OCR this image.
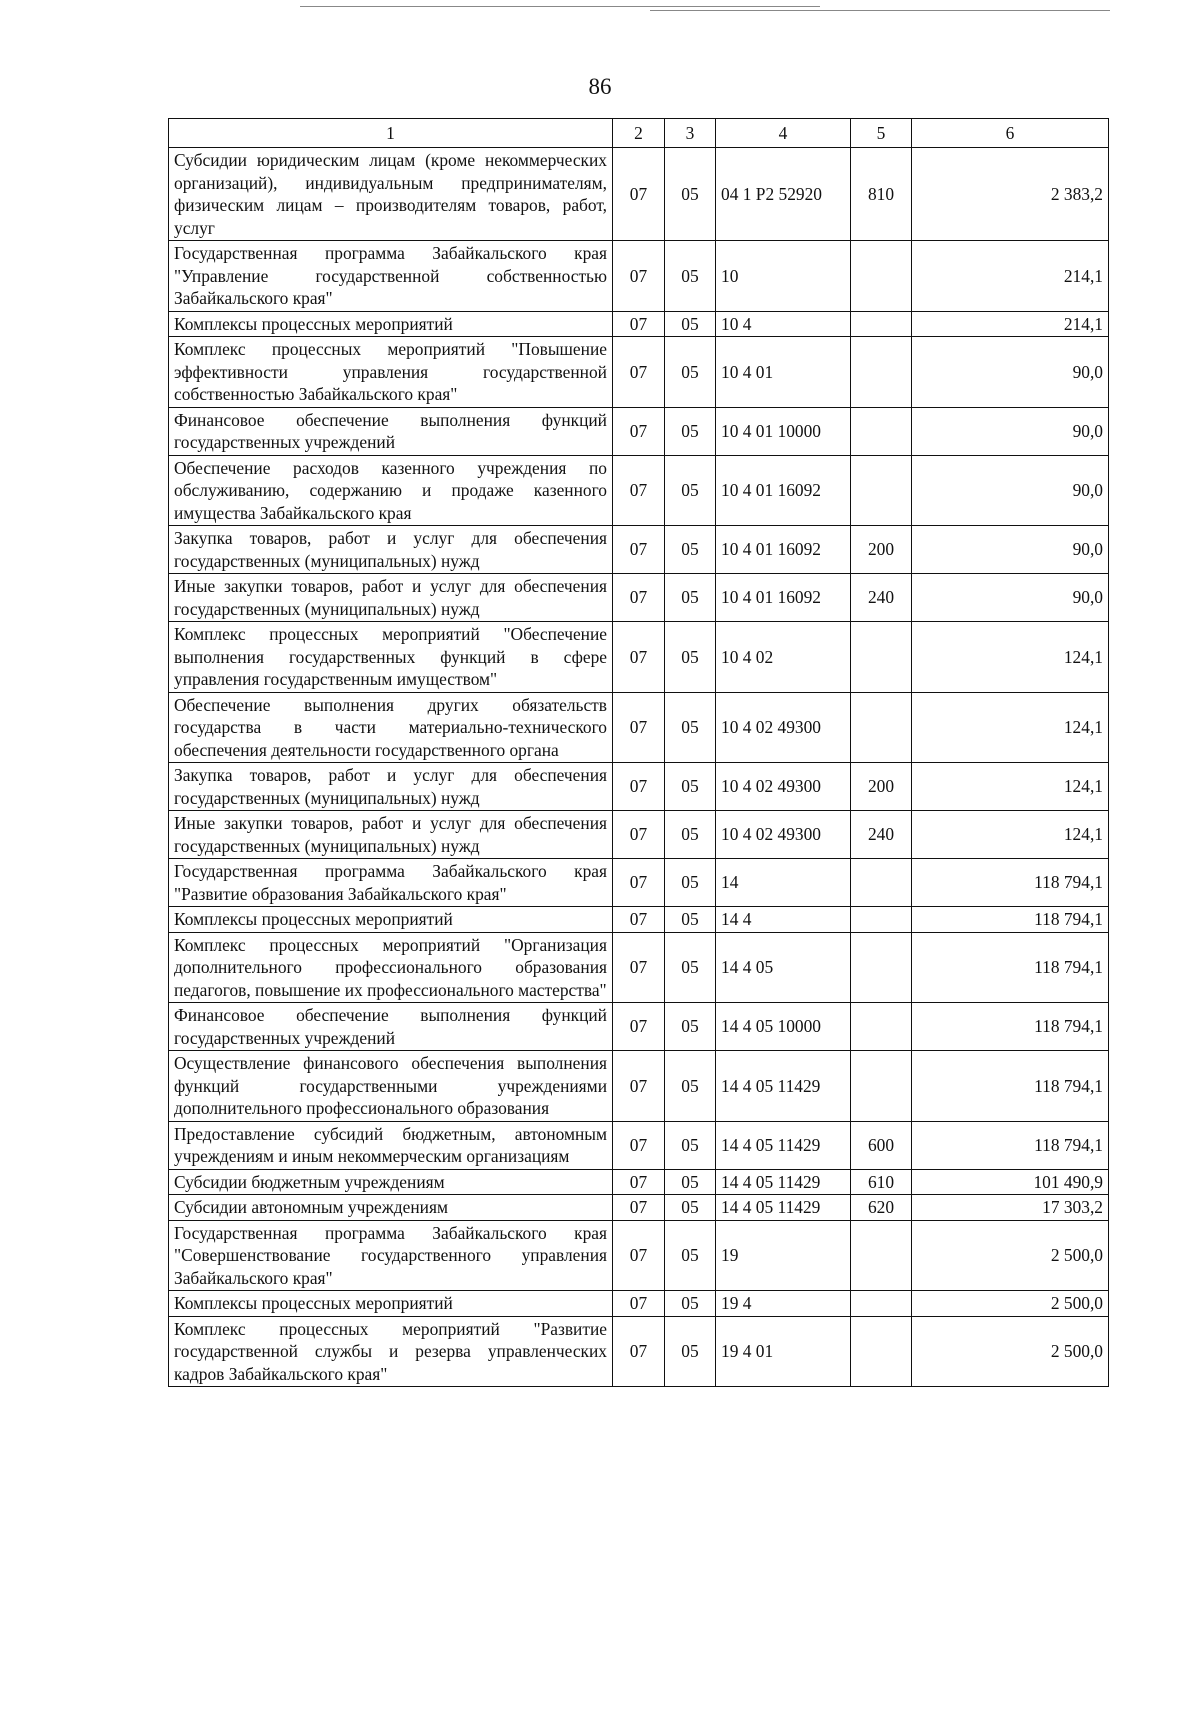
86
1	2	3	4	5	6
Субсидии юридическим лицам (кроме некоммерческих организаций), индивидуальным предпринимателям, физическим лицам – производителям товаров, работ, услуг	07	05	04 1 Р2 52920	810	2 383,2
Государственная программа Забайкальского края "Управление государственной собственностью Забайкальского края"	07	05	10		214,1
Комплексы процессных мероприятий	07	05	10 4		214,1
Комплекс процессных мероприятий "Повышение эффективности управления государственной собственностью Забайкальского края"	07	05	10 4 01		90,0
Финансовое обеспечение выполнения функций государственных учреждений	07	05	10 4 01 10000		90,0
Обеспечение расходов казенного учреждения по обслуживанию, содержанию и продаже казенного имущества Забайкальского края	07	05	10 4 01 16092		90,0
Закупка товаров, работ и услуг для обеспечения государственных (муниципальных) нужд	07	05	10 4 01 16092	200	90,0
Иные закупки товаров, работ и услуг для обеспечения государственных (муниципальных) нужд	07	05	10 4 01 16092	240	90,0
Комплекс процессных мероприятий "Обеспечение выполнения государственных функций в сфере управления государственным имуществом"	07	05	10 4 02		124,1
Обеспечение выполнения других обязательств государства в части материально-технического обеспечения деятельности государственного органа	07	05	10 4 02 49300		124,1
Закупка товаров, работ и услуг для обеспечения государственных (муниципальных) нужд	07	05	10 4 02 49300	200	124,1
Иные закупки товаров, работ и услуг для обеспечения государственных (муниципальных) нужд	07	05	10 4 02 49300	240	124,1
Государственная программа Забайкальского края "Развитие образования Забайкальского края"	07	05	14		118 794,1
Комплексы процессных мероприятий	07	05	14 4		118 794,1
Комплекс процессных мероприятий "Организация дополнительного профессионального образования педагогов, повышение их профессионального мастерства"	07	05	14 4 05		118 794,1
Финансовое обеспечение выполнения функций государственных учреждений	07	05	14 4 05 10000		118 794,1
Осуществление финансового обеспечения выполнения функций государственными учреждениями дополнительного профессионального образования	07	05	14 4 05 11429		118 794,1
Предоставление субсидий бюджетным, автономным учреждениям и иным некоммерческим организациям	07	05	14 4 05 11429	600	118 794,1
Субсидии бюджетным учреждениям	07	05	14 4 05 11429	610	101 490,9
Субсидии автономным учреждениям	07	05	14 4 05 11429	620	17 303,2
Государственная программа Забайкальского края "Совершенствование государственного управления Забайкальского края"	07	05	19		2 500,0
Комплексы процессных мероприятий	07	05	19 4		2 500,0
Комплекс процессных мероприятий "Развитие государственной службы и резерва управленческих кадров Забайкальского края"	07	05	19 4 01		2 500,0
